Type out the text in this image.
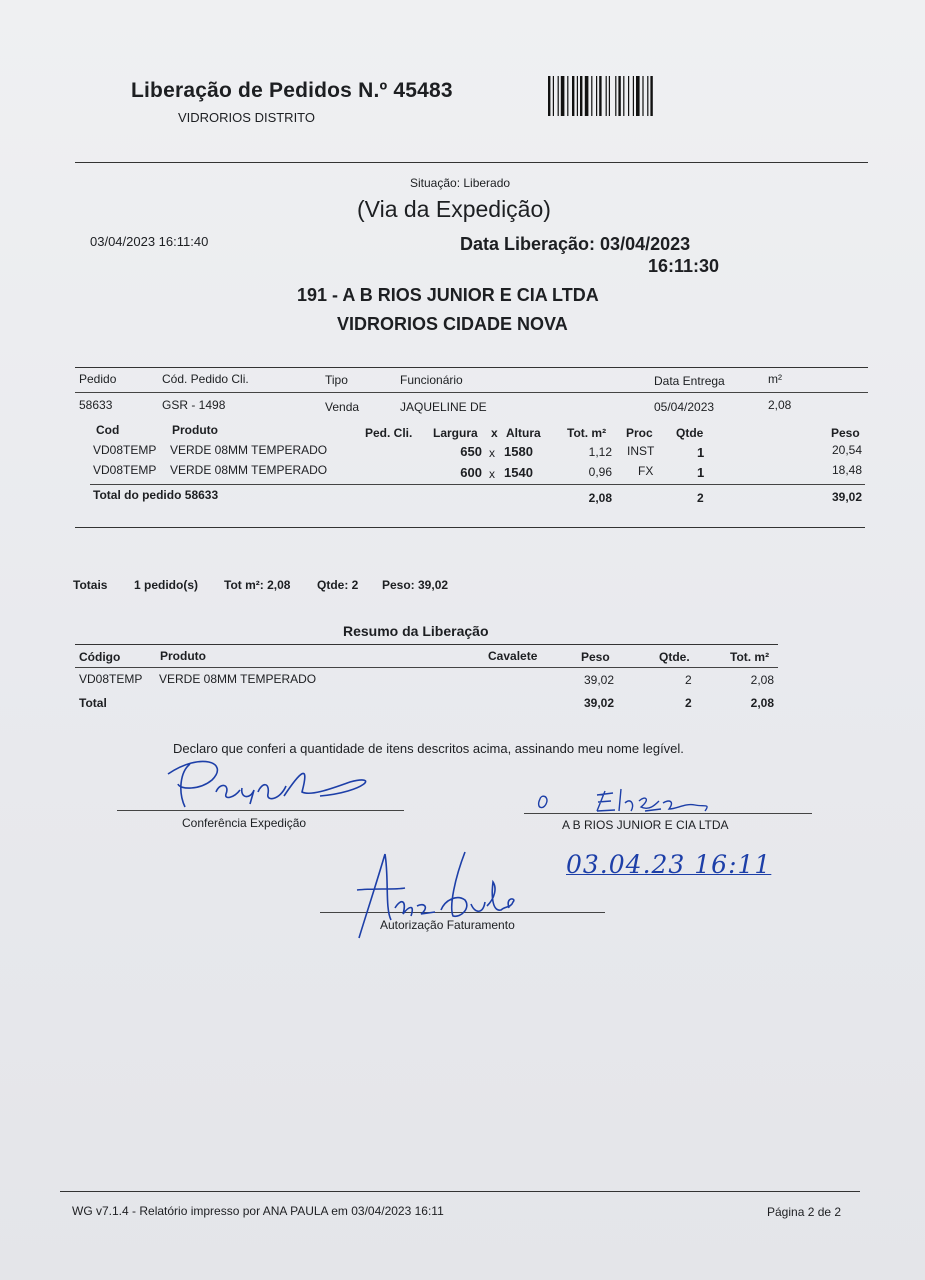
Liberação de Pedidos N.º 45483
VIDRORIOS DISTRITO
Situação: Liberado
(Via da Expedição)
03/04/2023 16:11:40	Data Liberação: 03/04/2023
16:11:30
191 - A B RIOS JUNIOR E CIA LTDA
VIDRORIOS CIDADE NOVA
Pedido	Cód. Pedido Cli.	Tipo	Funcionário	Data Entrega	m²
58633	GSR - 1498	Venda	JAQUELINE DE	05/04/2023	2,08
Cod	Produto	Ped. Cli. Largura x Altura Tot. m² Proc Qtde	Peso
VD08TEMP VERDE 08MM TEMPERADO	650 x 1580	1,12 INST	1	20,54
VD08TEMP VERDE 08MM TEMPERADO	600 x 1540	0,96 FX	1	18,48
Total do pedido 58633	2,08	2	39,02
Totais 1 pedido(s) Tot m²: 2,08 Qtde: 2 Peso: 39,02
Resumo da Liberação
Código	Produto	Cavalete	Peso	Qtde.	Tot. m²
VD08TEMP VERDE 08MM TEMPERADO	39,02	2	2,08
Total	39,02	2	2,08
Declaro que conferi a quantidade de itens descritos acima, assinando meu nome legível.
Conferência Expedição	A B RIOS JUNIOR E CIA LTDA
Autorização Faturamento
03.04.23 16:11
WG v7.1.4 - Relatório impresso por ANA PAULA em 03/04/2023 16:11	Página 2 de 2
